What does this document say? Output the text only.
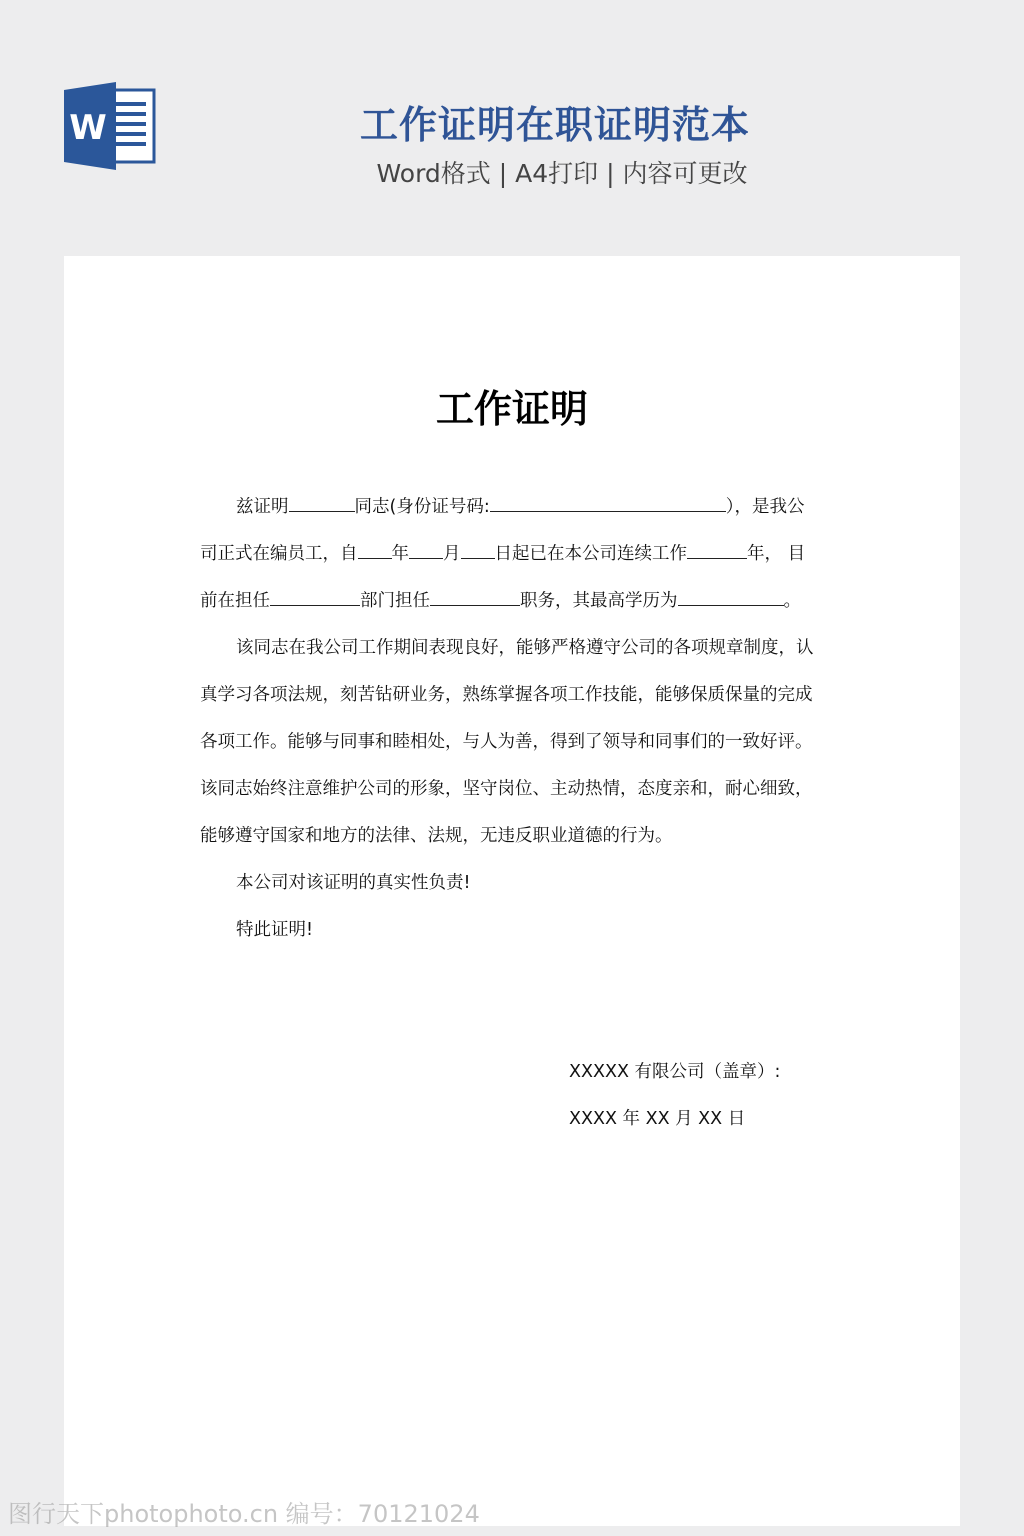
W	工作证明在职证明范本
Word格式 | A4打印 | 内容可更改
工作证明
兹证明	同志(身份证号码:	），是我公
司正式在编员工，自 年 月 日起已在本公司连续工作	年， 目
前在担任	部门担任	职务，其最高学历为	。
该同志在我公司工作期间表现良好，能够严格遵守公司的各项规章制度，认
真学习各项法规，刻苦钻研业务，熟练掌握各项工作技能，能够保质保量的完成
各项工作。能够与同事和睦相处，与人为善，得到了领导和同事们的一致好评。
该同志始终注意维护公司的形象，坚守岗位、主动热情，态度亲和，耐心细致，
能够遵守国家和地方的法律、法规，无违反职业道德的行为。
本公司对该证明的真实性负责!
特此证明!
XXXXX 有限公司（盖章）:
XXXX 年 XX 月 XX 日
图行天下photophoto.cn 编号：70121024
